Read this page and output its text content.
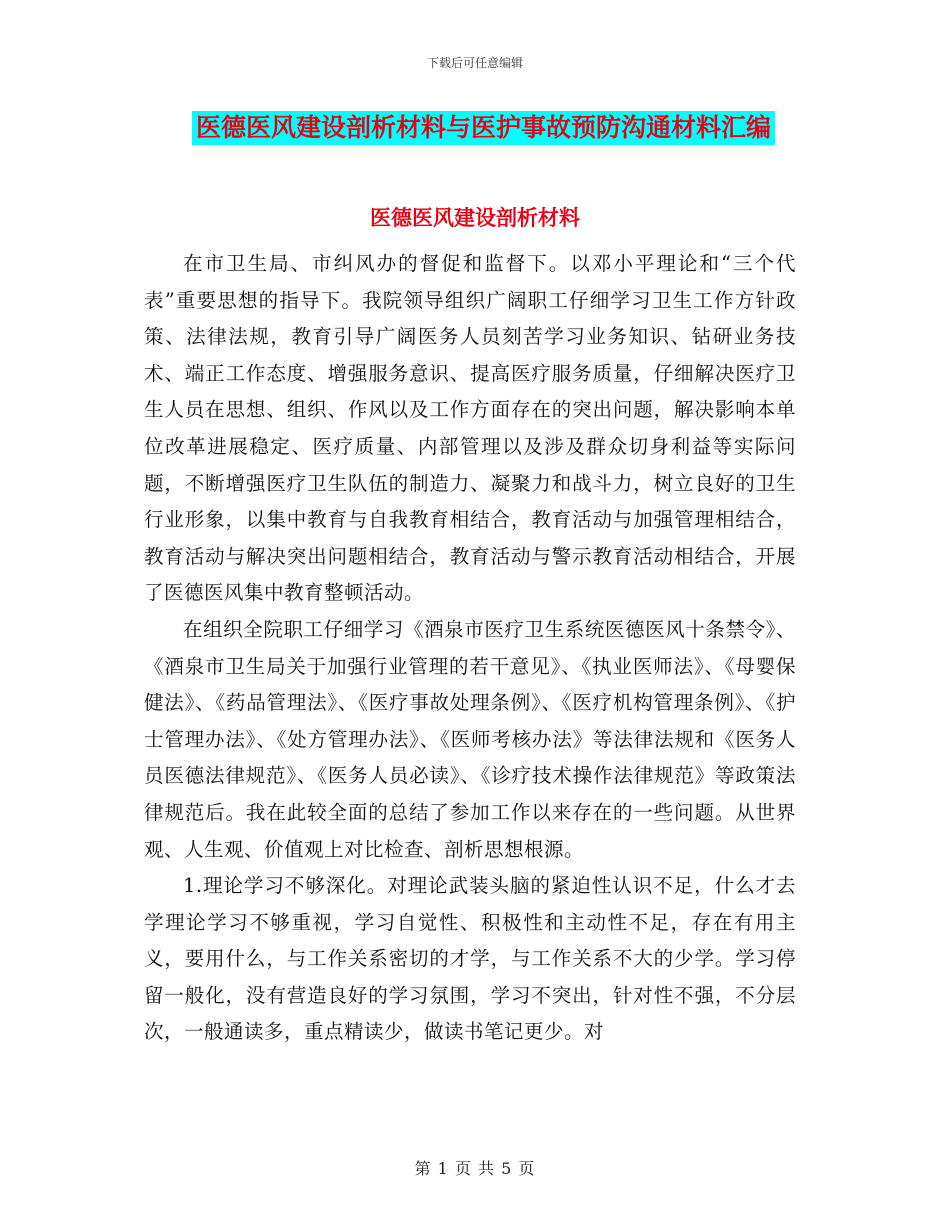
下载后可任意编辑
医德医风建设剖析材料与医护事故预防沟通材料汇编
医德医风建设剖析材料

在市卫生局、市纠风办的督促和监督下。以邓小平理论和“三个代表”重要思想的指导下。我院领导组织广阔职工仔细学习卫生工作方针政策、法律法规，教育引导广阔医务人员刻苦学习业务知识、钻研业务技术、端正工作态度、增强服务意识、提高医疗服务质量，仔细解决医疗卫生人员在思想、组织、作风以及工作方面存在的突出问题，解决影响本单位改革进展稳定、医疗质量、内部管理以及涉及群众切身利益等实际问题，不断增强医疗卫生队伍的制造力、凝聚力和战斗力，树立良好的卫生行业形象，以集中教育与自我教育相结合，教育活动与加强管理相结合，教育活动与解决突出问题相结合，教育活动与警示教育活动相结合，开展了医德医风集中教育整顿活动。

在组织全院职工仔细学习《酒泉市医疗卫生系统医德医风十条禁令》、《酒泉市卫生局关于加强行业管理的若干意见》、《执业医师法》、《母婴保健法》、《药品管理法》、《医疗事故处理条例》、《医疗机构管理条例》、《护士管理办法》、《处方管理办法》、《医师考核办法》等法律法规和《医务人员医德法律规范》、《医务人员必读》、《诊疗技术操作法律规范》等政策法律规范后。我在此较全面的总结了参加工作以来存在的一些问题。从世界观、人生观、价值观上对比检查、剖析思想根源。

1.理论学习不够深化。对理论武装头脑的紧迫性认识不足，什么才去学理论学习不够重视，学习自觉性、积极性和主动性不足，存在有用主义，要用什么，与工作关系密切的才学，与工作关系不大的少学。学习停留一般化，没有营造良好的学习氛围，学习不突出，针对性不强，不分层次，一般通读多，重点精读少，做读书笔记更少。对

第 1 页 共 5 页
